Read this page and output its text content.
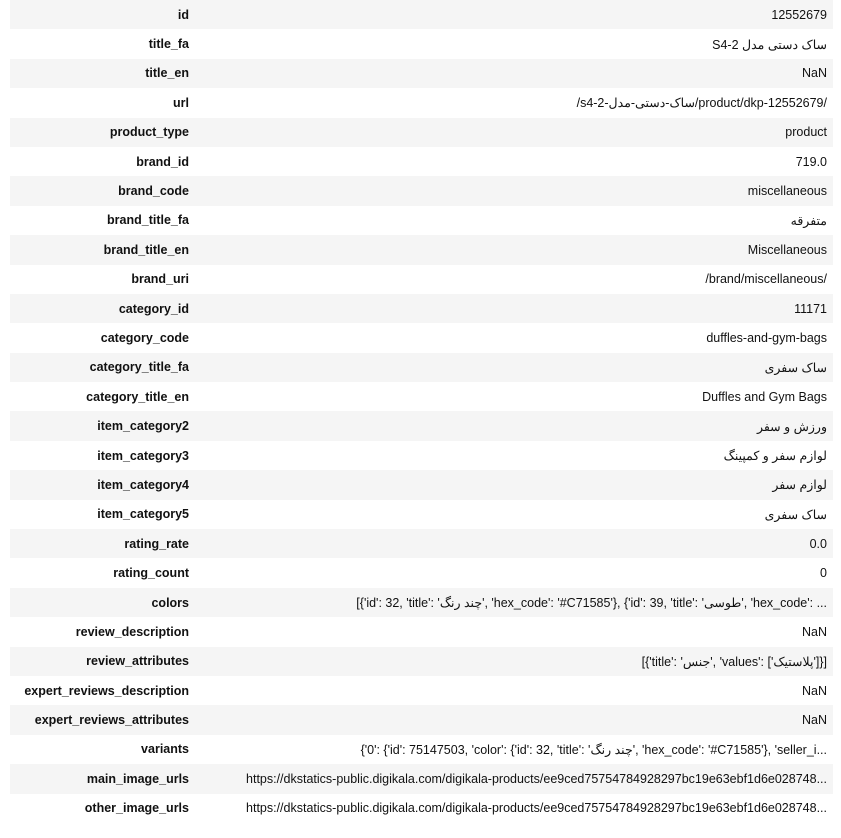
id	12552679
title_fa	ساک دستی مدل S4-2
title_en	NaN
url	/product/dkp-12552679/ساک-دستی-مدل-s4-2/
product_type	product
brand_id	719.0
brand_code	miscellaneous
brand_title_fa	متفرقه
brand_title_en	Miscellaneous
brand_uri	/brand/miscellaneous/
category_id	11171
category_code	duffles-and-gym-bags
category_title_fa	ساک سفری
category_title_en	Duffles and Gym Bags
item_category2	ورزش و سفر
item_category3	لوازم سفر و کمپینگ
item_category4	لوازم سفر
item_category5	ساک سفری
rating_rate	0.0
rating_count	0
colors	[{'id': 32, 'title': 'چند رنگ', 'hex_code': '#C71585'}, {'id': 39, 'title': 'طوسی', 'hex_code': ...
review_description	NaN
review_attributes	[{'title': 'جنس', 'values': ['پلاستیک']}]
expert_reviews_description	NaN
expert_reviews_attributes	NaN
variants	{'0': {'id': 75147503, 'color': {'id': 32, 'title': 'چند رنگ', 'hex_code': '#C71585'}, 'seller_i...
main_image_urls	https://dkstatics-public.digikala.com/digikala-products/ee9ced75754784928297bc19e63ebf1d6e028748...
other_image_urls	https://dkstatics-public.digikala.com/digikala-products/ee9ced75754784928297bc19e63ebf1d6e028748...
